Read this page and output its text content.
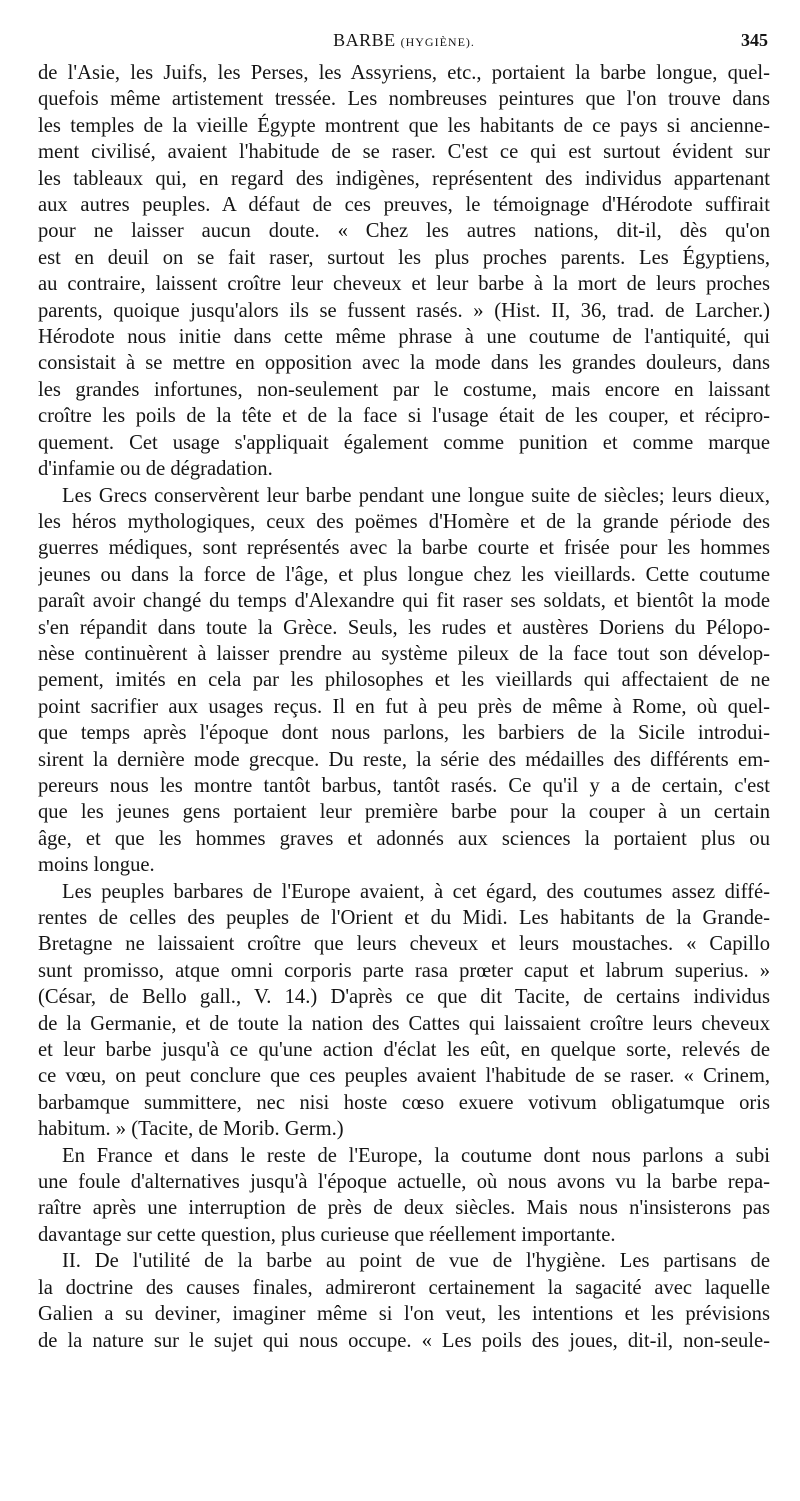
BARBE (HYGIÈNE).	345
de l'Asie, les Juifs, les Perses, les Assyriens, etc., portaient la barbe longue, quel-
quefois même artistement tressée. Les nombreuses peintures que l'on trouve dans
les temples de la vieille Égypte montrent que les habitants de ce pays si ancienne-
ment civilisé, avaient l'habitude de se raser. C'est ce qui est surtout évident sur
les tableaux qui, en regard des indigènes, représentent des individus appartenant
aux autres peuples. A défaut de ces preuves, le témoignage d'Hérodote suffirait
pour ne laisser aucun doute. « Chez les autres nations, dit-il, dès qu'on
est en deuil on se fait raser, surtout les plus proches parents. Les Égyptiens,
au contraire, laissent croître leur cheveux et leur barbe à la mort de leurs proches
parents, quoique jusqu'alors ils se fussent rasés. » (Hist. II, 36, trad. de Larcher.)
Hérodote nous initie dans cette même phrase à une coutume de l'antiquité, qui
consistait à se mettre en opposition avec la mode dans les grandes douleurs, dans
les grandes infortunes, non-seulement par le costume, mais encore en laissant
croître les poils de la tête et de la face si l'usage était de les couper, et récipro-
quement. Cet usage s'appliquait également comme punition et comme marque
d'infamie ou de dégradation.
Les Grecs conservèrent leur barbe pendant une longue suite de siècles; leurs dieux,
les héros mythologiques, ceux des poëmes d'Homère et de la grande période des
guerres médiques, sont représentés avec la barbe courte et frisée pour les hommes
jeunes ou dans la force de l'âge, et plus longue chez les vieillards. Cette coutume
paraît avoir changé du temps d'Alexandre qui fit raser ses soldats, et bientôt la mode
s'en répandit dans toute la Grèce. Seuls, les rudes et austères Doriens du Pélopo-
nèse continuèrent à laisser prendre au système pileux de la face tout son dévelop-
pement, imités en cela par les philosophes et les vieillards qui affectaient de ne
point sacrifier aux usages reçus. Il en fut à peu près de même à Rome, où quel-
que temps après l'époque dont nous parlons, les barbiers de la Sicile introdui-
sirent la dernière mode grecque. Du reste, la série des médailles des différents em-
pereurs nous les montre tantôt barbus, tantôt rasés. Ce qu'il y a de certain, c'est
que les jeunes gens portaient leur première barbe pour la couper à un certain
âge, et que les hommes graves et adonnés aux sciences la portaient plus ou
moins longue.
Les peuples barbares de l'Europe avaient, à cet égard, des coutumes assez diffé-
rentes de celles des peuples de l'Orient et du Midi. Les habitants de la Grande-
Bretagne ne laissaient croître que leurs cheveux et leurs moustaches. « Capillo
sunt promisso, atque omni corporis parte rasa prœter caput et labrum superius. »
(César, de Bello gall., V. 14.) D'après ce que dit Tacite, de certains individus
de la Germanie, et de toute la nation des Cattes qui laissaient croître leurs cheveux
et leur barbe jusqu'à ce qu'une action d'éclat les eût, en quelque sorte, relevés de
ce vœu, on peut conclure que ces peuples avaient l'habitude de se raser. « Crinem,
barbamque summittere, nec nisi hoste cœso exuere votivum obligatumque oris
habitum. » (Tacite, de Morib. Germ.)
En France et dans le reste de l'Europe, la coutume dont nous parlons a subi
une foule d'alternatives jusqu'à l'époque actuelle, où nous avons vu la barbe repa-
raître après une interruption de près de deux siècles. Mais nous n'insisterons pas
davantage sur cette question, plus curieuse que réellement importante.
II. De l'utilité de la barbe au point de vue de l'hygiène. Les partisans de
la doctrine des causes finales, admireront certainement la sagacité avec laquelle
Galien a su deviner, imaginer même si l'on veut, les intentions et les prévisions
de la nature sur le sujet qui nous occupe. « Les poils des joues, dit-il, non-seule-
